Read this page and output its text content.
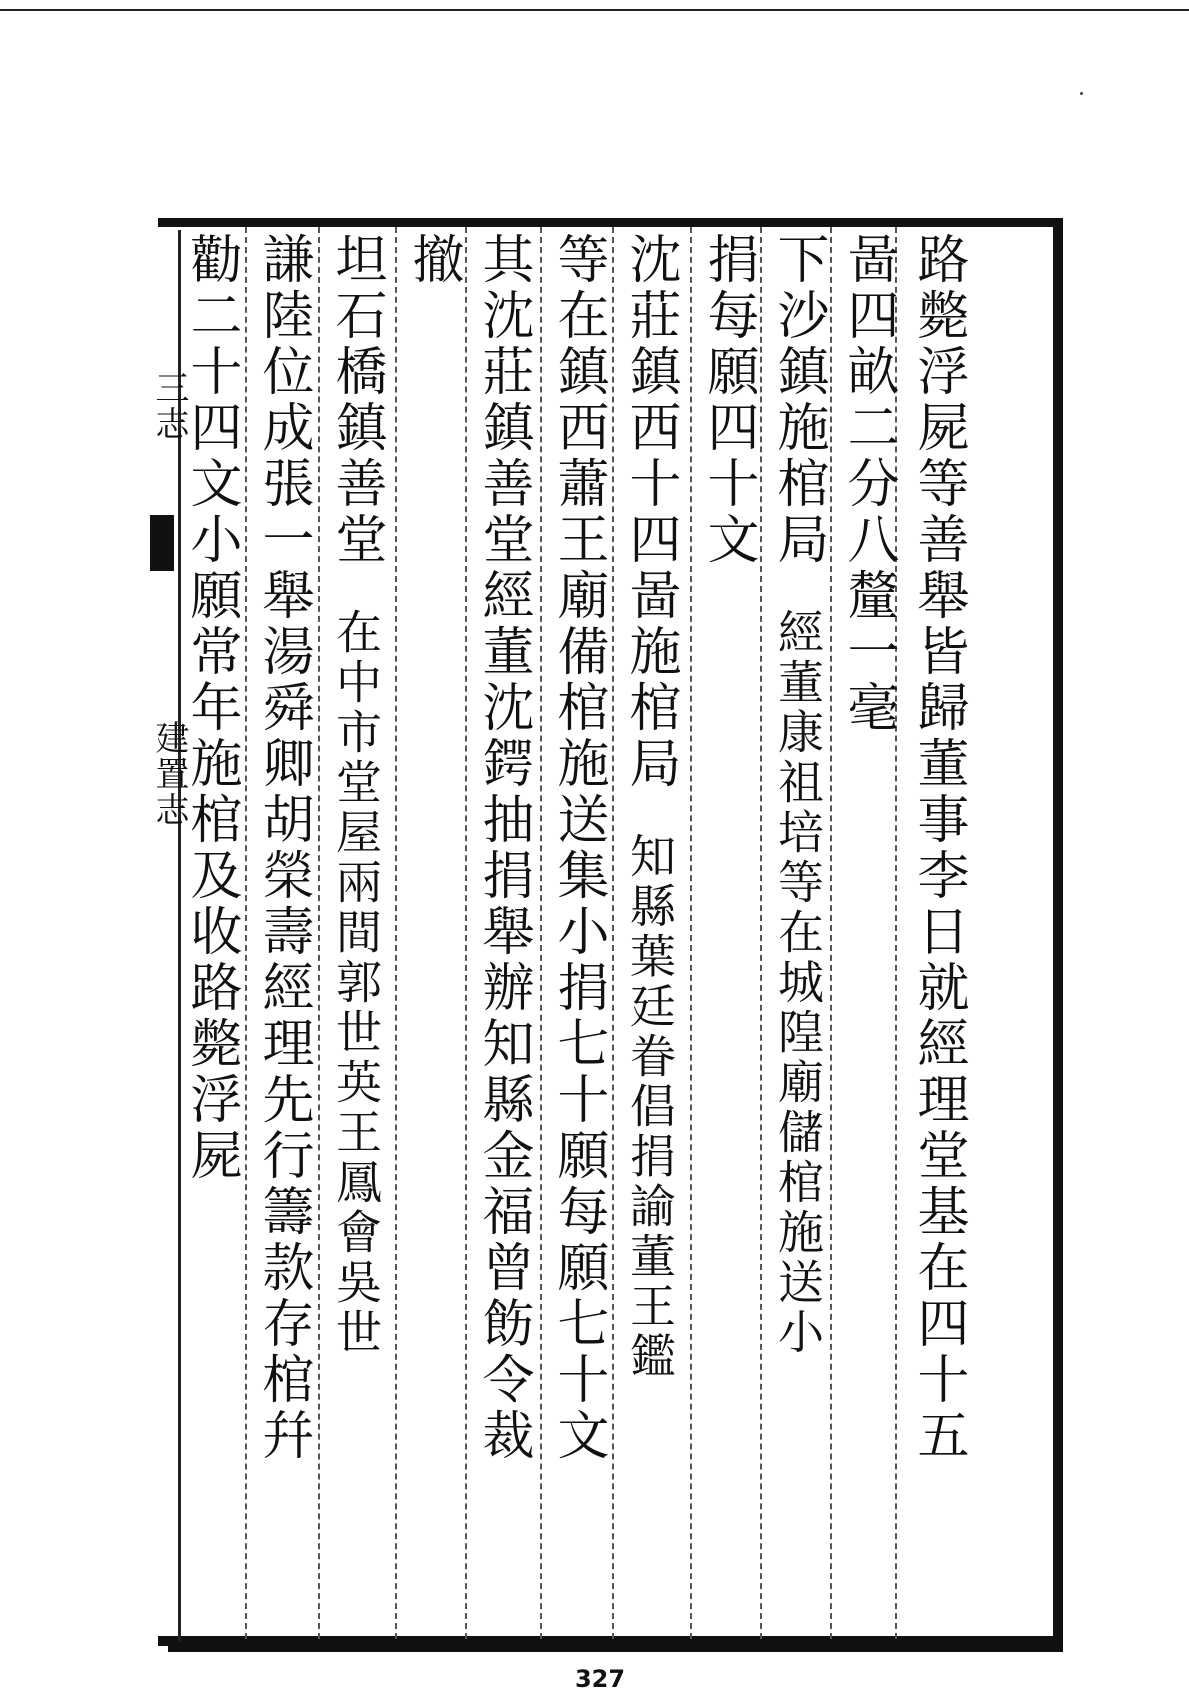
路斃浮屍等善舉皆歸董事李日就經理堂基在四十五
啚四畝二分八釐一毫
下沙鎮施棺局經董康祖培等在城隍廟儲棺施送小
捐每願四十文
沈莊鎮西十四啚施棺局知縣葉廷眷倡捐諭董王鑑
等在鎮西蕭王廟備棺施送集小捐七十願每願七十文
其沈莊鎮善堂經董沈鍔抽捐舉辦知縣金福曾飭令裁
撤
坦石橋鎮善堂在中市堂屋兩間郭世英王鳳會吳世
謙陸位成張一舉湯舜卿胡榮壽經理先行籌款存棺幷
勸二十四文小願常年施棺及收路斃浮屍
三志
建置志
327
